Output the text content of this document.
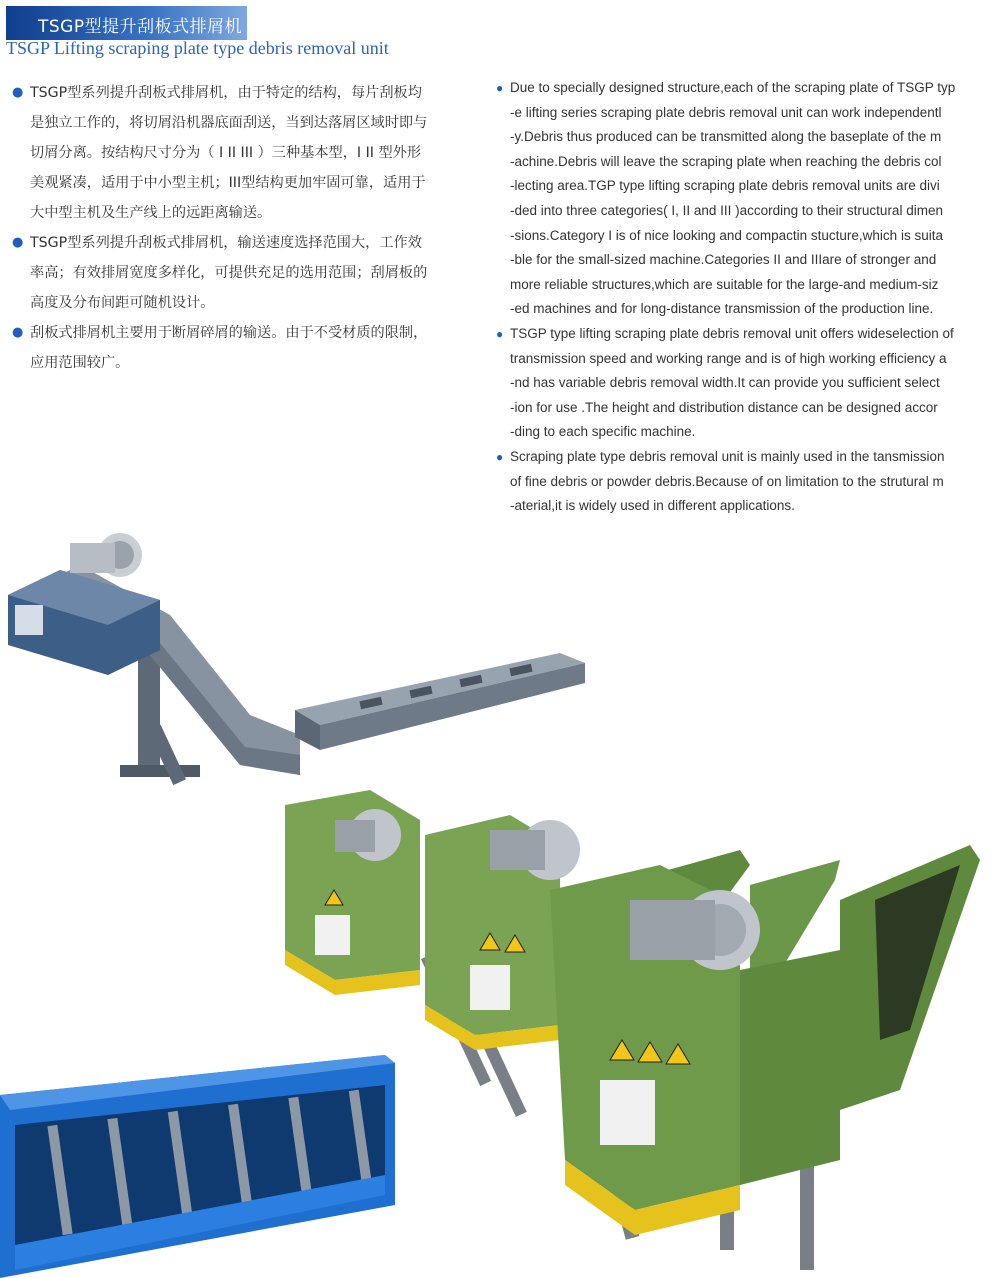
TSGP型提升刮板式排屑机
TSGP Lifting scraping plate type debris removal unit
● TSGP型系列提升刮板式排屑机，由于特定的结构，每片刮板均是独立工作的，将切屑沿机器底面刮送，当到达落屑区域时即与切屑分离。按结构尺寸分为（ I II III ）三种基本型，I II 型外形美观紧凑，适用于中小型主机；III型结构更加牢固可靠，适用于大中型主机及生产线上的远距离输送。
● TSGP型系列提升刮板式排屑机，输送速度选择范围大，工作效率高；有效排屑宽度多样化，可提供充足的选用范围；刮屑板的高度及分布间距可随机设计。
● 刮板式排屑机主要用于断屑碎屑的输送。由于不受材质的限制，应用范围较广。
● Due to specially designed structure,each of the scraping plate of TSGP typ
-e lifting series scraping plate debris removal unit can work independentl
-y.Debris thus produced can be transmitted along the baseplate of the m
-achine.Debris will leave the scraping plate when reaching the debris col
-lecting area.TGP type lifting scraping plate debris removal units are divi
-ded into three categories( I, II and III )according to their structural dimen
-sions.Category I is of nice looking and compactin stucture,which is suita
-ble for the small-sized machine.Categories II and IIIare of stronger and
more reliable structures,which are suitable for the large-and medium-siz
-ed machines and for long-distance transmission of the production line.
● TSGP type lifting scraping plate debris removal unit offers wideselection of
transmission speed and working range and is of high working efficiency a
-nd has variable debris removal width.It can provide you sufficient select
-ion for use .The height and distribution distance can be designed accor
-ding to each specific machine.
● Scraping plate type debris removal unit is mainly used in the tansmission
of fine debris or powder debris.Because of on limitation to the strutural m
-aterial,it is widely used in different applications.
